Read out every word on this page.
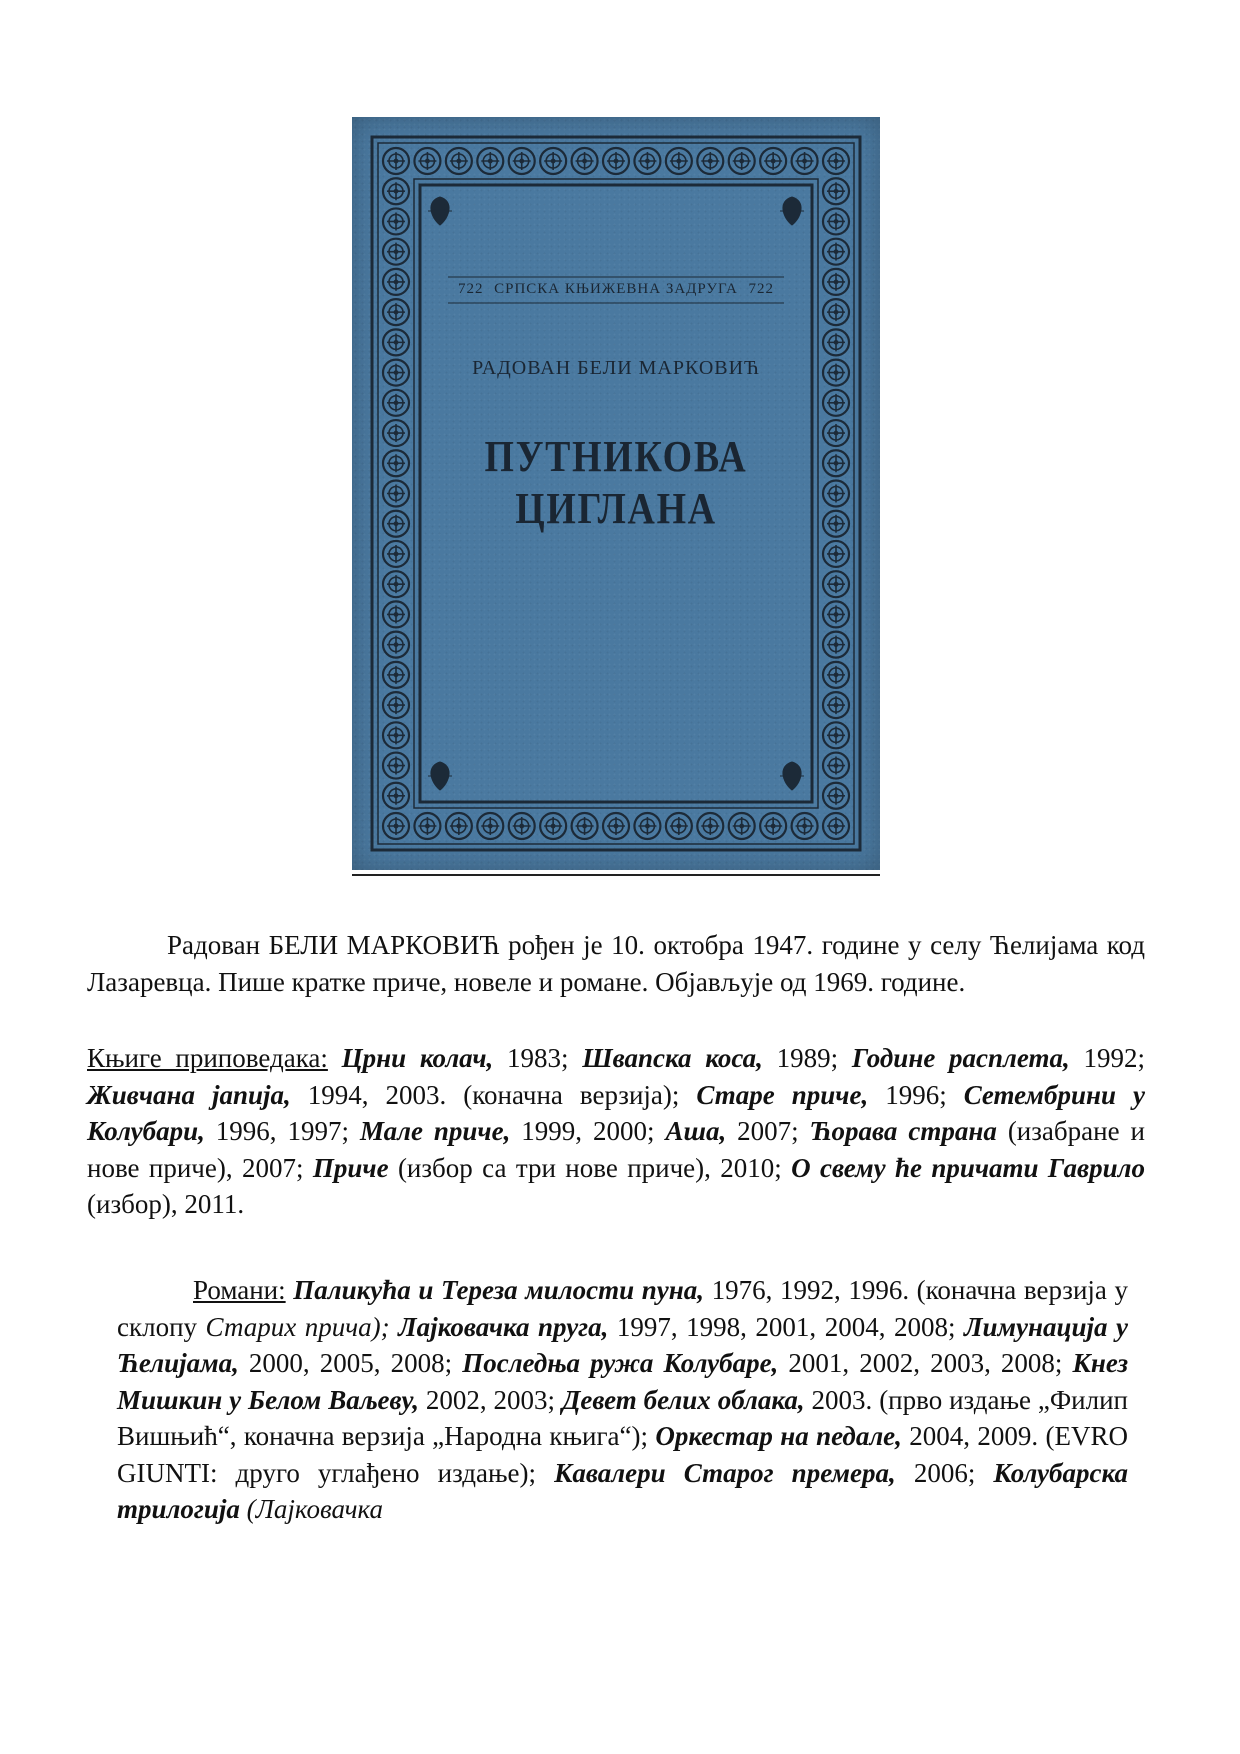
722 СРПСКА КЊИЖЕВНА ЗАДРУГА 722
РАДОВАН БЕЛИ МАРКОВИЋ
ПУТНИКОВА
ЦИГЛАНА
Радован БЕЛИ МАРКОВИЋ рођен је 10. октобра 1947. године у селу Ћелијама код Лазаревца. Пише кратке приче, новеле и романе. Објављује од 1969. године.
Књиге приповедака: Црни колач, 1983; Швапска коса, 1989; Године расплета, 1992; Живчана јапија, 1994, 2003. (коначна верзија); Старе приче, 1996; Сетембрини у Колубари, 1996, 1997; Мале приче, 1999, 2000; Аша, 2007; Ћорава страна (изабране и нове приче), 2007; Приче (избор са три нове приче), 2010; О свему ће причати Гаврило (избор), 2011.
Романи: Паликућа и Тереза милости пуна, 1976, 1992, 1996. (коначна верзија у склопу Старих прича); Лајковачка пруга, 1997, 1998, 2001, 2004, 2008; Лимунација у Ћелијама, 2000, 2005, 2008; Последња ружа Колубаре, 2001, 2002, 2003, 2008; Кнез Мишкин у Белом Ваљеву, 2002, 2003; Девет белих облака, 2003. (прво издање „Филип Вишњић“, коначна верзија „Народна књига“); Оркестар на педале, 2004, 2009. (EVRO GIUNTI: друго углађено издање); Кавалери Старог премера, 2006; Колубарска трилогија (Лајковачка
